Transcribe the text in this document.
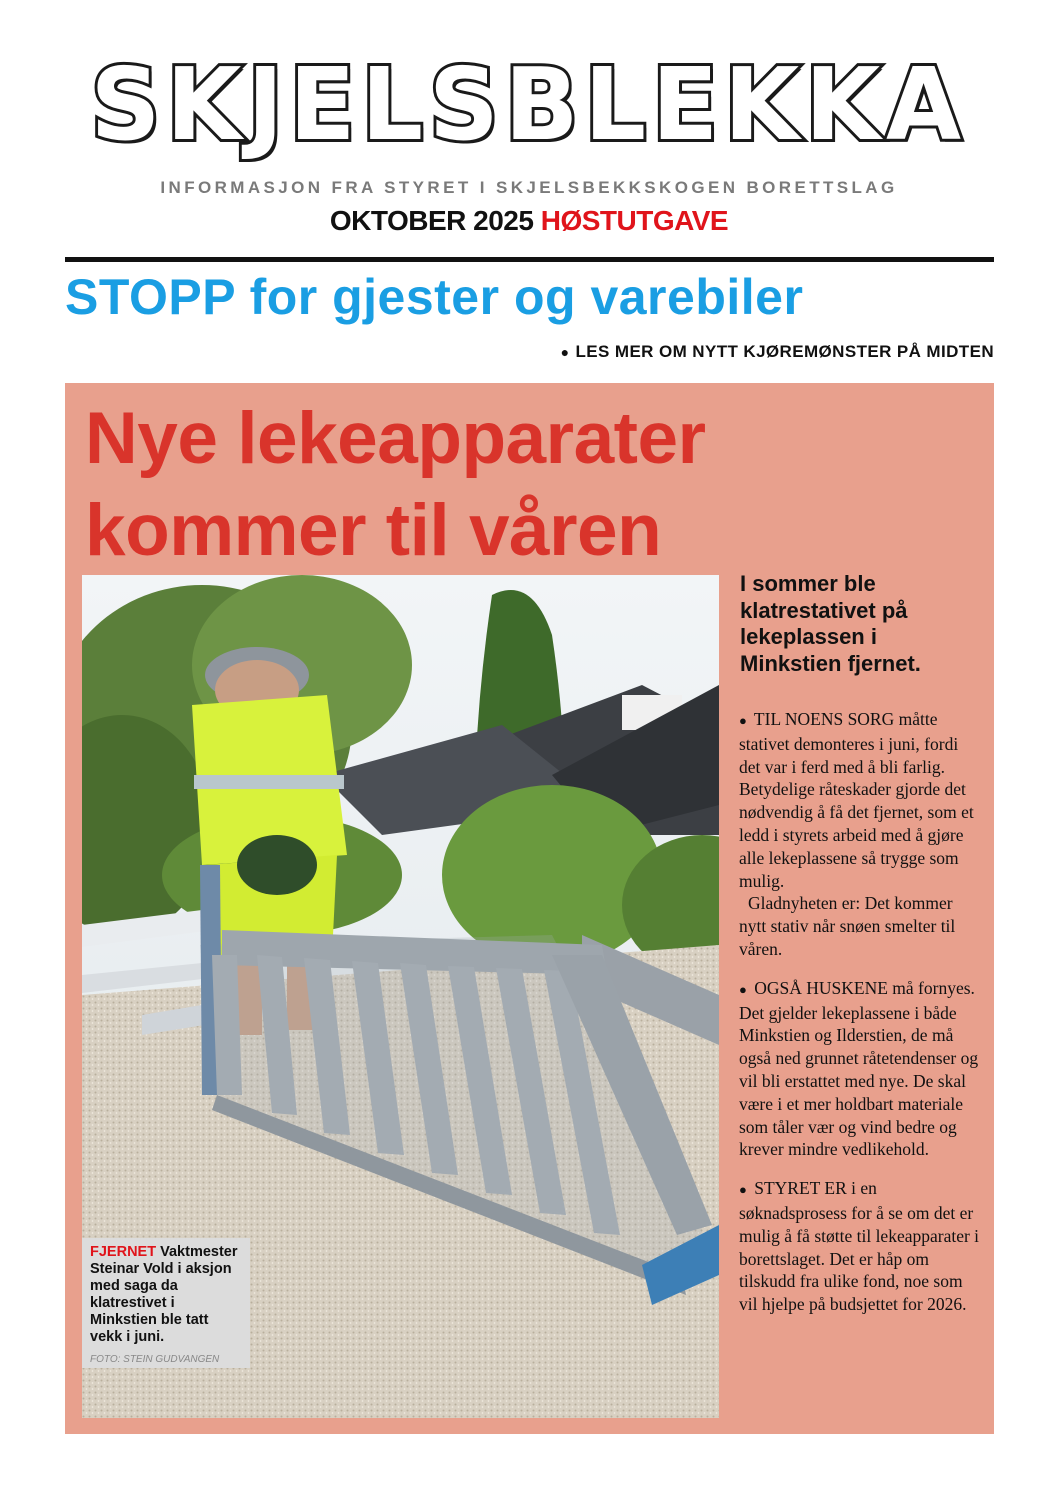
SKJELSBLEKKA
INFORMASJON FRA STYRET I SKJELSBEKKSKOGEN BORETTSLAG
OKTOBER 2025 HØSTUTGAVE
STOPP for gjester og varebiler
● LES MER OM NYTT KJØREMØNSTER PÅ MIDTEN
Nye lekeapparater
kommer til våren
FJERNET Vaktmester Steinar Vold i aksjon med saga da klatrestivet i Minkstien ble tatt vekk i juni.
FOTO: STEIN GUDVANGEN

I sommer ble klatrestativet på lekeplassen i Minkstien fjernet.

● TIL NOENS SORG måtte stativet demonteres i juni, fordi det var i ferd med å bli farlig. Betydelige råteskader gjorde det nødvendig å få det fjernet, som et ledd i styrets arbeid med å gjøre alle lekeplassene så trygge som mulig.

Gladnyheten er: Det kommer nytt stativ når snøen smelter til våren.

● OGSÅ HUSKENE må fornyes. Det gjelder lekeplassene i både Minkstien og Ilderstien, de må også ned grunnet råtetendenser og vil bli erstattet med nye. De skal være i et mer holdbart materiale som tåler vær og vind bedre og krever mindre vedlikehold.

● STYRET ER i en søknadsprosess for å se om det er mulig å få støtte til lekeapparater i borettslaget. Det er håp om tilskudd fra ulike fond, noe som vil hjelpe på budsjettet for 2026.
